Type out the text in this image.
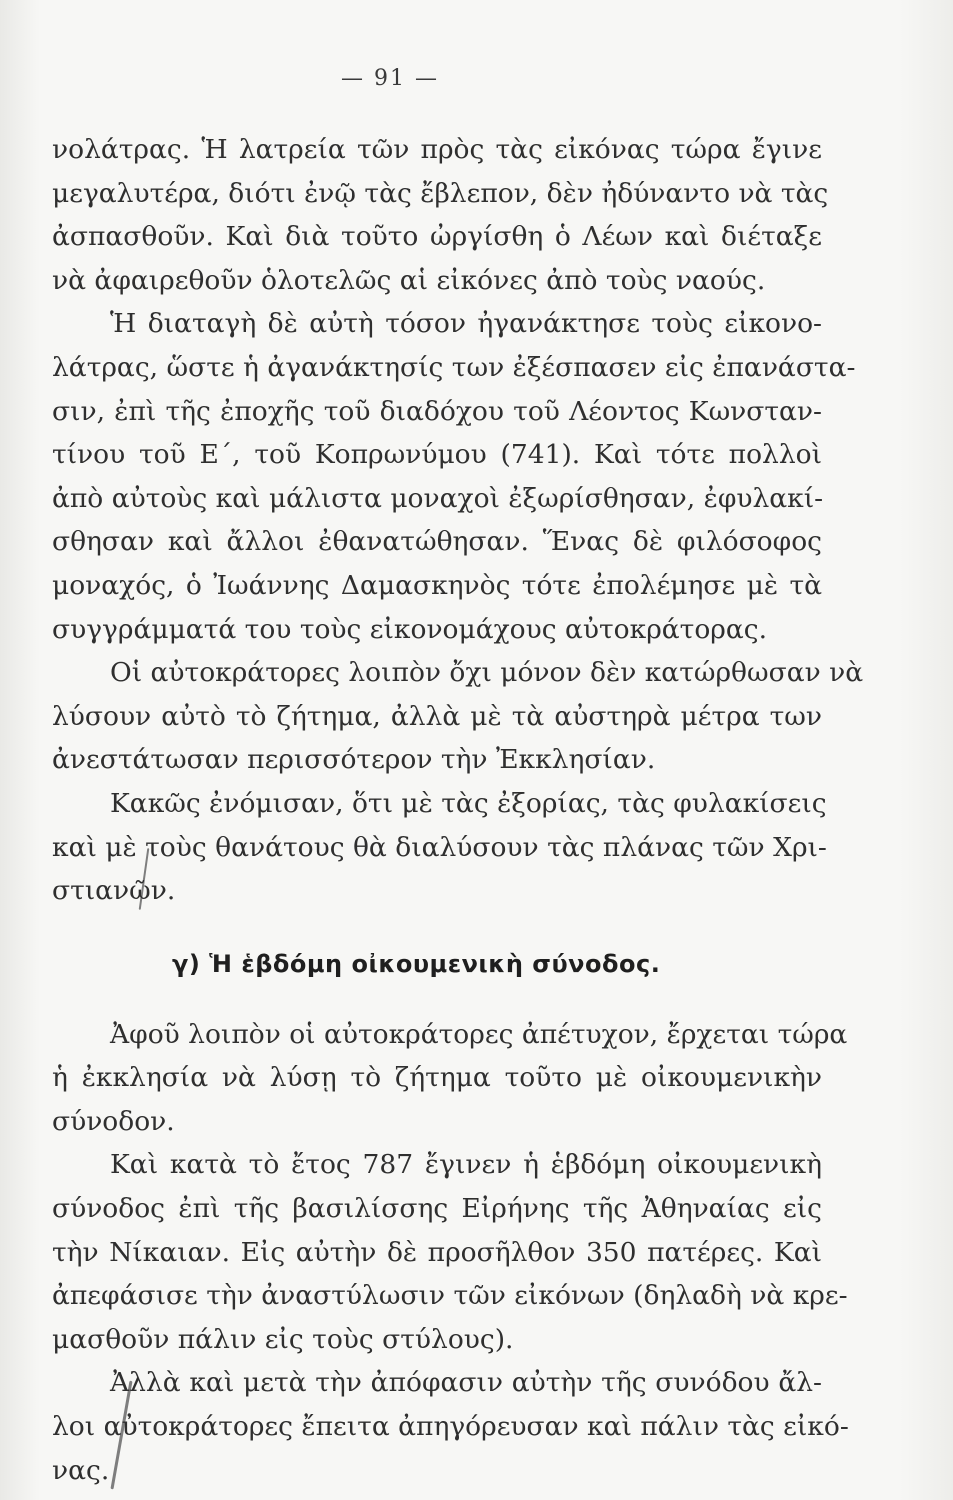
— 91 —
νολάτρας. Ἡ λατρεία τῶν πρὸς τὰς εἰκόνας τώρα ἔγινε
μεγαλυτέρα, διότι ἐνῷ τὰς ἔβλεπον, δὲν ἠδύναντο νὰ τὰς
ἀσπασθοῦν. Καὶ διὰ τοῦτο ὠργίσθη ὁ Λέων καὶ διέταξε
νὰ ἀφαιρεθοῦν ὁλοτελῶς αἱ εἰκόνες ἀπὸ τοὺς ναούς.
Ἡ διαταγὴ δὲ αὐτὴ τόσον ἠγανάκτησε τοὺς εἰκονο-
λάτρας, ὥστε ἡ ἀγανάκτησίς των ἐξέσπασεν εἰς ἐπανάστα-
σιν, ἐπὶ τῆς ἐποχῆς τοῦ διαδόχου τοῦ Λέοντος Κωνσταν-
τίνου τοῦ Ε΄, τοῦ Κοπρωνύμου (741). Καὶ τότε πολλοὶ
ἀπὸ αὐτοὺς καὶ μάλιστα μοναχοὶ ἐξωρίσθησαν, ἐφυλακί-
σθησαν καὶ ἄλλοι ἐθανατώθησαν. Ἕνας δὲ φιλόσοφος
μοναχός, ὁ Ἰωάννης Δαμασκηνὸς τότε ἐπολέμησε μὲ τὰ
συγγράμματά του τοὺς εἰκονομάχους αὐτοκράτορας.
Οἱ αὐτοκράτορες λοιπὸν ὄχι μόνον δὲν κατώρθωσαν νὰ
λύσουν αὐτὸ τὸ ζήτημα, ἀλλὰ μὲ τὰ αὐστηρὰ μέτρα των
ἀνεστάτωσαν περισσότερον τὴν Ἐκκλησίαν.
Κακῶς ἐνόμισαν, ὅτι μὲ τὰς ἐξορίας, τὰς φυλακίσεις
καὶ μὲ τοὺς θανάτους θὰ διαλύσουν τὰς πλάνας τῶν Χρι-
στιανῶν.
γ) Ἡ ἑβδόμη οἰκουμενικὴ σύνοδος.
Ἀφοῦ λοιπὸν οἱ αὐτοκράτορες ἀπέτυχον, ἔρχεται τώρα
ἡ ἐκκλησία νὰ λύσῃ τὸ ζήτημα τοῦτο μὲ οἰκουμενικὴν
σύνοδον.
Καὶ κατὰ τὸ ἔτος 787 ἔγινεν ἡ ἑβδόμη οἰκουμενικὴ
σύνοδος ἐπὶ τῆς βασιλίσσης Εἰρήνης τῆς Ἀθηναίας εἰς
τὴν Νίκαιαν. Εἰς αὐτὴν δὲ προσῆλθον 350 πατέρες. Καὶ
ἀπεφάσισε τὴν ἀναστύλωσιν τῶν εἰκόνων (δηλαδὴ νὰ κρε-
μασθοῦν πάλιν εἰς τοὺς στύλους).
Ἀλλὰ καὶ μετὰ τὴν ἀπόφασιν αὐτὴν τῆς συνόδου ἄλ-
λοι αὐτοκράτορες ἔπειτα ἀπηγόρευσαν καὶ πάλιν τὰς εἰκό-
νας.
